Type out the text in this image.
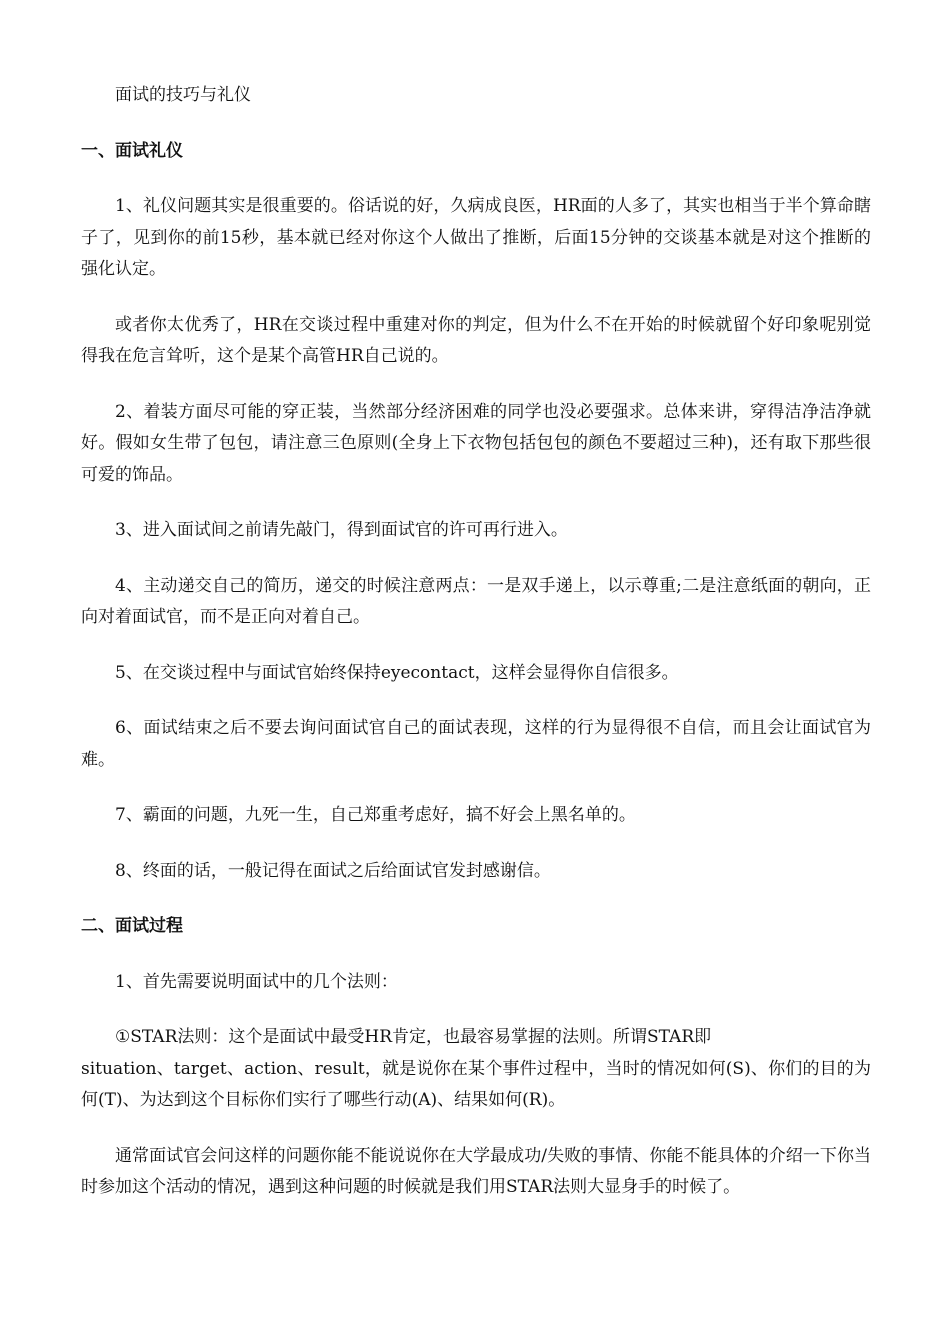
面试的技巧与礼仪

一、面试礼仪

1、礼仪问题其实是很重要的。俗话说的好，久病成良医，HR面的人多了，其实也相当于半个算命瞎子了，见到你的前15秒，基本就已经对你这个人做出了推断，后面15分钟的交谈基本就是对这个推断的强化认定。

或者你太优秀了，HR在交谈过程中重建对你的判定，但为什么不在开始的时候就留个好印象呢别觉得我在危言耸听，这个是某个高管HR自己说的。

2、着装方面尽可能的穿正装，当然部分经济困难的同学也没必要强求。总体来讲，穿得洁净洁净就好。假如女生带了包包，请注意三色原则(全身上下衣物包括包包的颜色不要超过三种)，还有取下那些很可爱的饰品。

3、进入面试间之前请先敲门，得到面试官的许可再行进入。

4、主动递交自己的简历，递交的时候注意两点：一是双手递上，以示尊重;二是注意纸面的朝向，正向对着面试官，而不是正向对着自己。

5、在交谈过程中与面试官始终保持eyecontact，这样会显得你自信很多。

6、面试结束之后不要去询问面试官自己的面试表现，这样的行为显得很不自信，而且会让面试官为难。

7、霸面的问题，九死一生，自己郑重考虑好，搞不好会上黑名单的。

8、终面的话，一般记得在面试之后给面试官发封感谢信。

二、面试过程

1、首先需要说明面试中的几个法则：

①STAR法则：这个是面试中最受HR肯定，也最容易掌握的法则。所谓STAR即

situation、target、action、result，就是说你在某个事件过程中，当时的情况如何(S)、你们的目的为何(T)、为达到这个目标你们实行了哪些行动(A)、结果如何(R)。

通常面试官会问这样的问题你能不能说说你在大学最成功/失败的事情、你能不能具体的介绍一下你当时参加这个活动的情况，遇到这种问题的时候就是我们用STAR法则大显身手的时候了。
